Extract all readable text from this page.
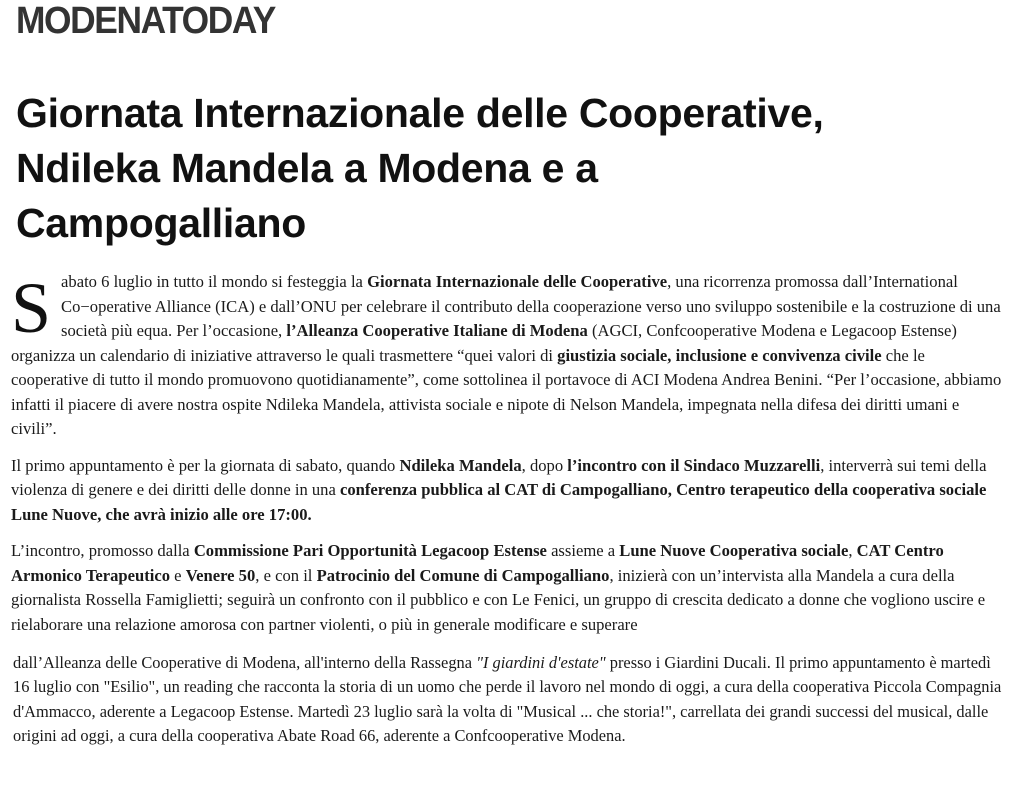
MODENATODAY
Giornata Internazionale delle Cooperative,
Ndileka Mandela a Modena e a
Campogalliano

S abato 6 luglio in tutto il mondo si festeggia la Giornata Internazionale delle Cooperative, una ricorrenza promossa dall’International Co−operative Alliance (ICA) e dall’ONU per celebrare il contributo della cooperazione verso uno sviluppo sostenibile e la costruzione di una società più equa. Per l’occasione, l’Alleanza Cooperative Italiane di Modena (AGCI, Confcooperative Modena e Legacoop Estense) organizza un calendario di iniziative attraverso le quali trasmettere “quei valori di giustizia sociale, inclusione e convivenza civile che le cooperative di tutto il mondo promuovono quotidianamente”, come sottolinea il portavoce di ACI Modena Andrea Benini. “Per l’occasione, abbiamo infatti il piacere di avere nostra ospite Ndileka Mandela, attivista sociale e nipote di Nelson Mandela, impegnata nella difesa dei diritti umani e civili”.

Il primo appuntamento è per la giornata di sabato, quando Ndileka Mandela, dopo l’incontro con il Sindaco Muzzarelli, interverrà sui temi della violenza di genere e dei diritti delle donne in una conferenza pubblica al CAT di Campogalliano, Centro terapeutico della cooperativa sociale Lune Nuove, che avrà inizio alle ore 17:00.

L’incontro, promosso dalla Commissione Pari Opportunità Legacoop Estense assieme a Lune Nuove Cooperativa sociale, CAT Centro Armonico Terapeutico e Venere 50, e con il Patrocinio del Comune di Campogalliano, inizierà con un’intervista alla Mandela a cura della giornalista Rossella Famiglietti; seguirà un confronto con il pubblico e con Le Fenici, un gruppo di crescita dedicato a donne che vogliono uscire e rielaborare una relazione amorosa con partner violenti, o più in generale modificare e superare

dall’Alleanza delle Cooperative di Modena, all'interno della Rassegna "I giardini d'estate" presso i Giardini Ducali. Il primo appuntamento è martedì 16 luglio con "Esilio", un reading che racconta la storia di un uomo che perde il lavoro nel mondo di oggi, a cura della cooperativa Piccola Compagnia d'Ammacco, aderente a Legacoop Estense. Martedì 23 luglio sarà la volta di "Musical ... che storia!", carrellata dei grandi successi del musical, dalle origini ad oggi, a cura della cooperativa Abate Road 66, aderente a Confcooperative Modena.
